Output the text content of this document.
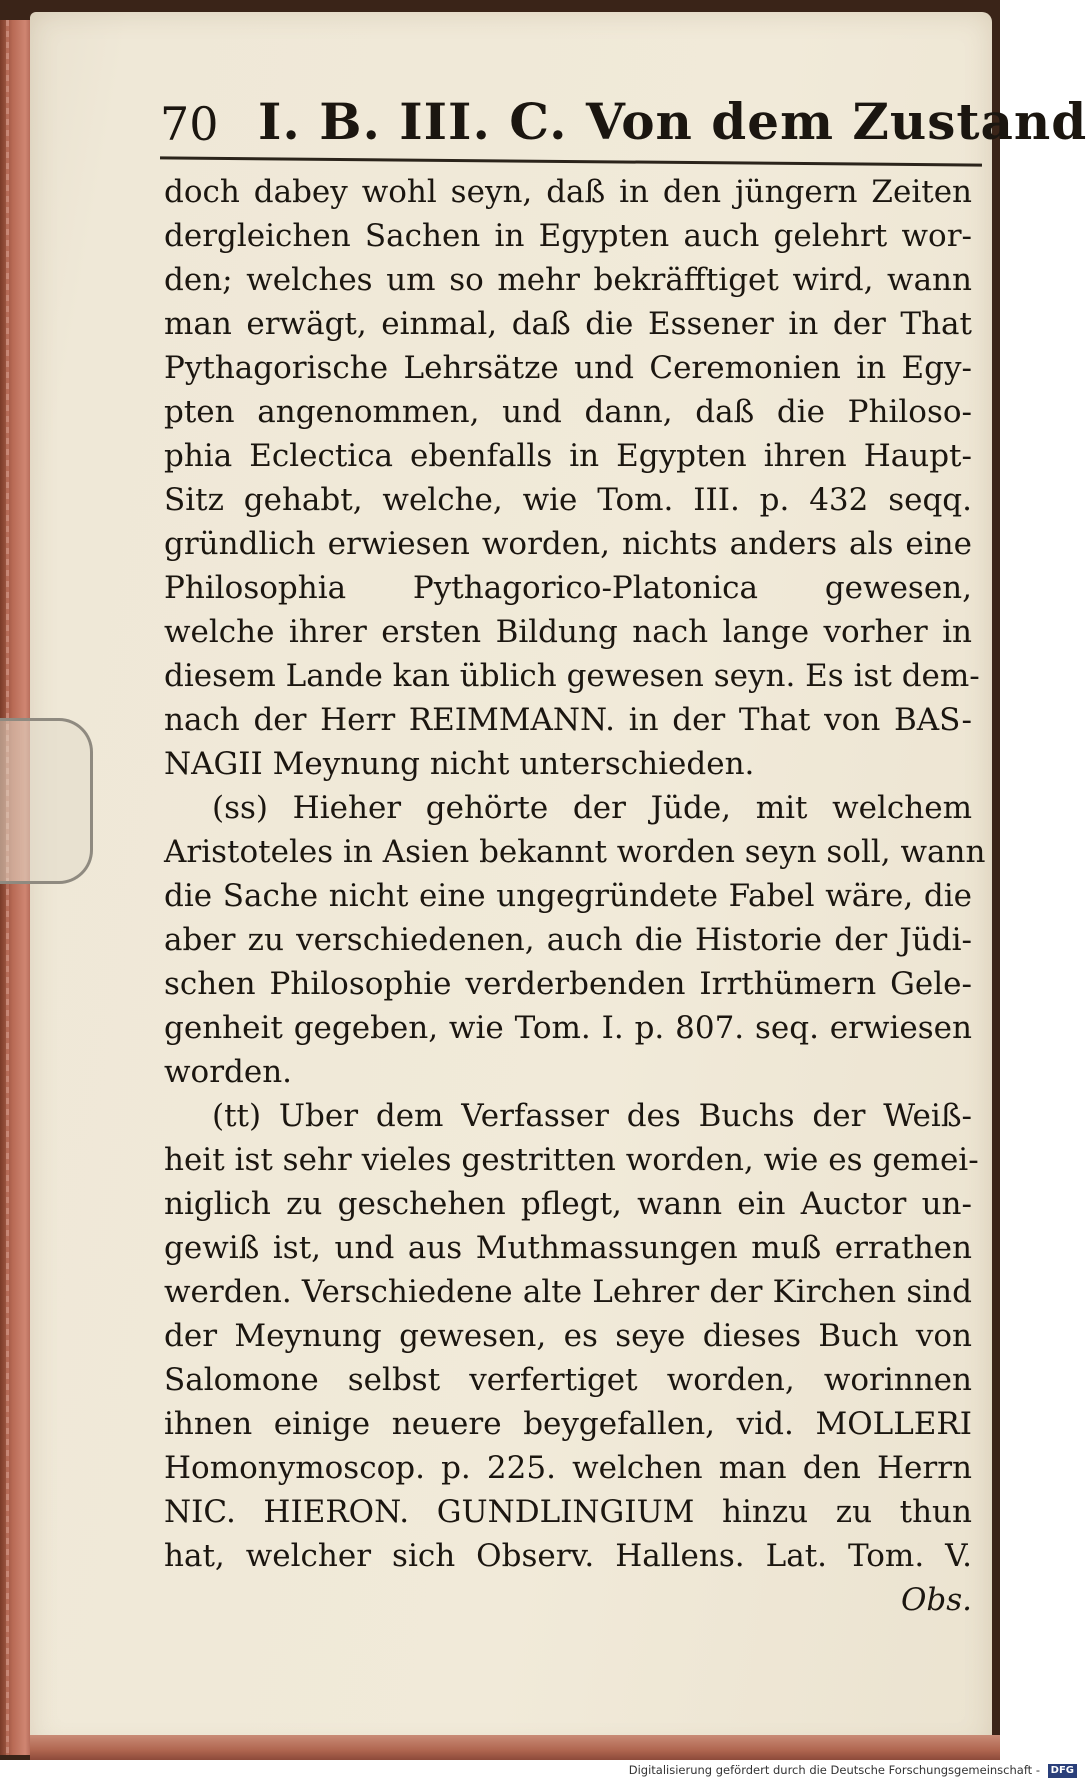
70 I. B. III. C. Von dem Zustand
doch dabey wohl seyn, daß in den jüngern Zeiten
dergleichen Sachen in Egypten auch gelehrt wor-
den; welches um so mehr bekräfftiget wird, wann
man erwägt, einmal, daß die Essener in der That
Pythagorische Lehrsätze und Ceremonien in Egy-
pten angenommen, und dann, daß die Philoso-
phia Eclectica ebenfalls in Egypten ihren Haupt-
Sitz gehabt, welche, wie Tom. III. p. 432 seqq.
gründlich erwiesen worden, nichts anders als eine
Philosophia Pythagorico-Platonica gewesen,
welche ihrer ersten Bildung nach lange vorher in
diesem Lande kan üblich gewesen seyn. Es ist dem-
nach der Herr REIMMANN. in der That von BAS-
NAGII Meynung nicht unterschieden.
(ss) Hieher gehörte der Jüde, mit welchem
Aristoteles in Asien bekannt worden seyn soll, wann
die Sache nicht eine ungegründete Fabel wäre, die
aber zu verschiedenen, auch die Historie der Jüdi-
schen Philosophie verderbenden Irrthümern Gele-
genheit gegeben, wie Tom. I. p. 807. seq. erwiesen
worden.
(tt) Uber dem Verfasser des Buchs der Weiß-
heit ist sehr vieles gestritten worden, wie es gemei-
niglich zu geschehen pflegt, wann ein Auctor un-
gewiß ist, und aus Muthmassungen muß errathen
werden. Verschiedene alte Lehrer der Kirchen sind
der Meynung gewesen, es seye dieses Buch von
Salomone selbst verfertiget worden, worinnen
ihnen einige neuere beygefallen, vid. MOLLERI
Homonymoscop. p. 225. welchen man den Herrn
NIC. HIERON. GUNDLINGIUM hinzu zu thun
hat, welcher sich Observ. Hallens. Lat. Tom. V.
Obs.
Digitalisierung gefördert durch die Deutsche Forschungsgemeinschaft - DFG
